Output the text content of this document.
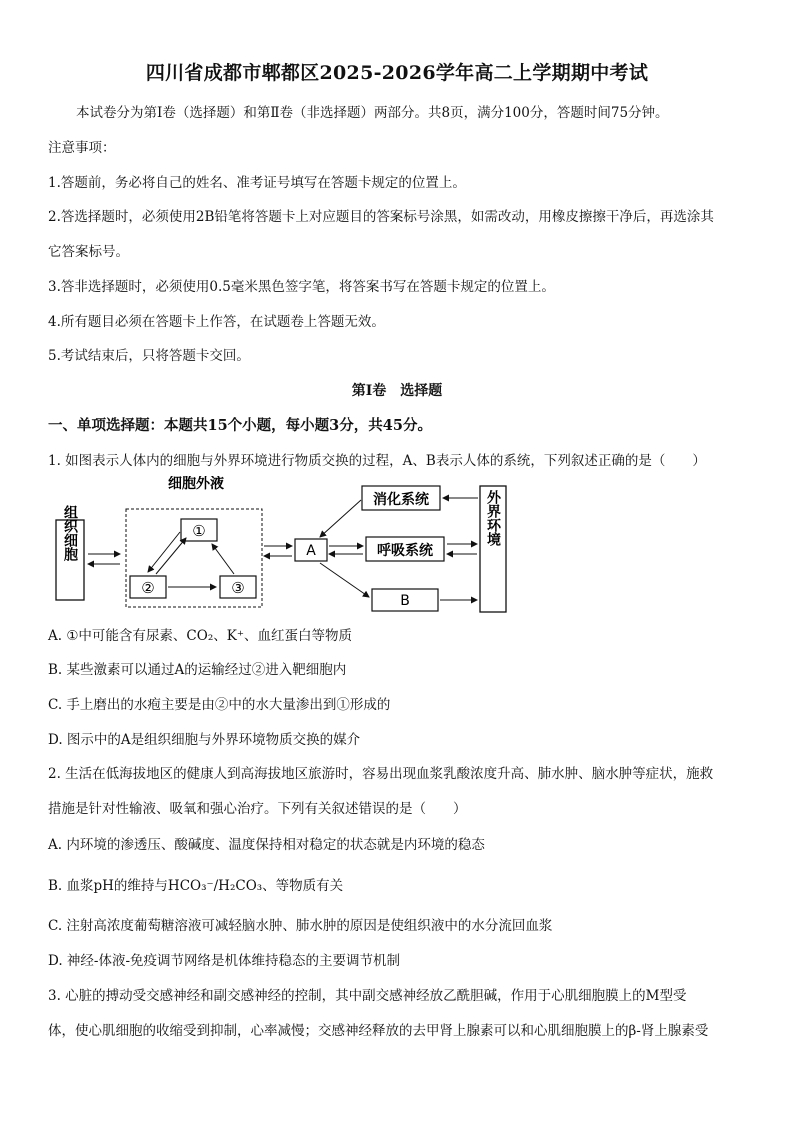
四川省成都市郫都区2025-2026学年高二上学期期中考试
本试卷分为第Ⅰ卷（选择题）和第Ⅱ卷（非选择题）两部分。共8页，满分100分，答题时间75分钟。
注意事项：
1.答题前，务必将自己的姓名、准考证号填写在答题卡规定的位置上。
2.答选择题时，必须使用2B铅笔将答题卡上对应题目的答案标号涂黑，如需改动，用橡皮擦擦干净后，再选涂其
它答案标号。
3.答非选择题时，必须使用0.5毫米黑色签字笔，将答案书写在答题卡规定的位置上。
4.所有题目必须在答题卡上作答，在试题卷上答题无效。
5.考试结束后，只将答题卡交回。
第Ⅰ卷　选择题
一、单项选择题：本题共15个小题，每小题3分，共45分。
1. 如图表示人体内的细胞与外界环境进行物质交换的过程，A、B表示人体的系统，下列叙述正确的是（　　）
组织细胞
细胞外液
①
②	③
A
消化系统
呼吸系统
B
外界环境
A. ①中可能含有尿素、CO₂、K⁺、血红蛋白等物质
B. 某些激素可以通过A的运输经过②进入靶细胞内
C. 手上磨出的水疱主要是由②中的水大量渗出到①形成的
D. 图示中的A是组织细胞与外界环境物质交换的媒介
2. 生活在低海拔地区的健康人到高海拔地区旅游时，容易出现血浆乳酸浓度升高、肺水肿、脑水肿等症状，施救
措施是针对性输液、吸氧和强心治疗。下列有关叙述错误的是（　　）
A. 内环境的渗透压、酸碱度、温度保持相对稳定的状态就是内环境的稳态
B. 血浆pH的维持与HCO₃⁻/H₂CO₃、等物质有关
C. 注射高浓度葡萄糖溶液可减轻脑水肿、肺水肿的原因是使组织液中的水分流回血浆
D. 神经-体液-免疫调节网络是机体维持稳态的主要调节机制
3. 心脏的搏动受交感神经和副交感神经的控制，其中副交感神经放乙酰胆碱，作用于心肌细胞膜上的M型受
体，使心肌细胞的收缩受到抑制，心率减慢；交感神经释放的去甲肾上腺素可以和心肌细胞膜上的β-肾上腺素受
